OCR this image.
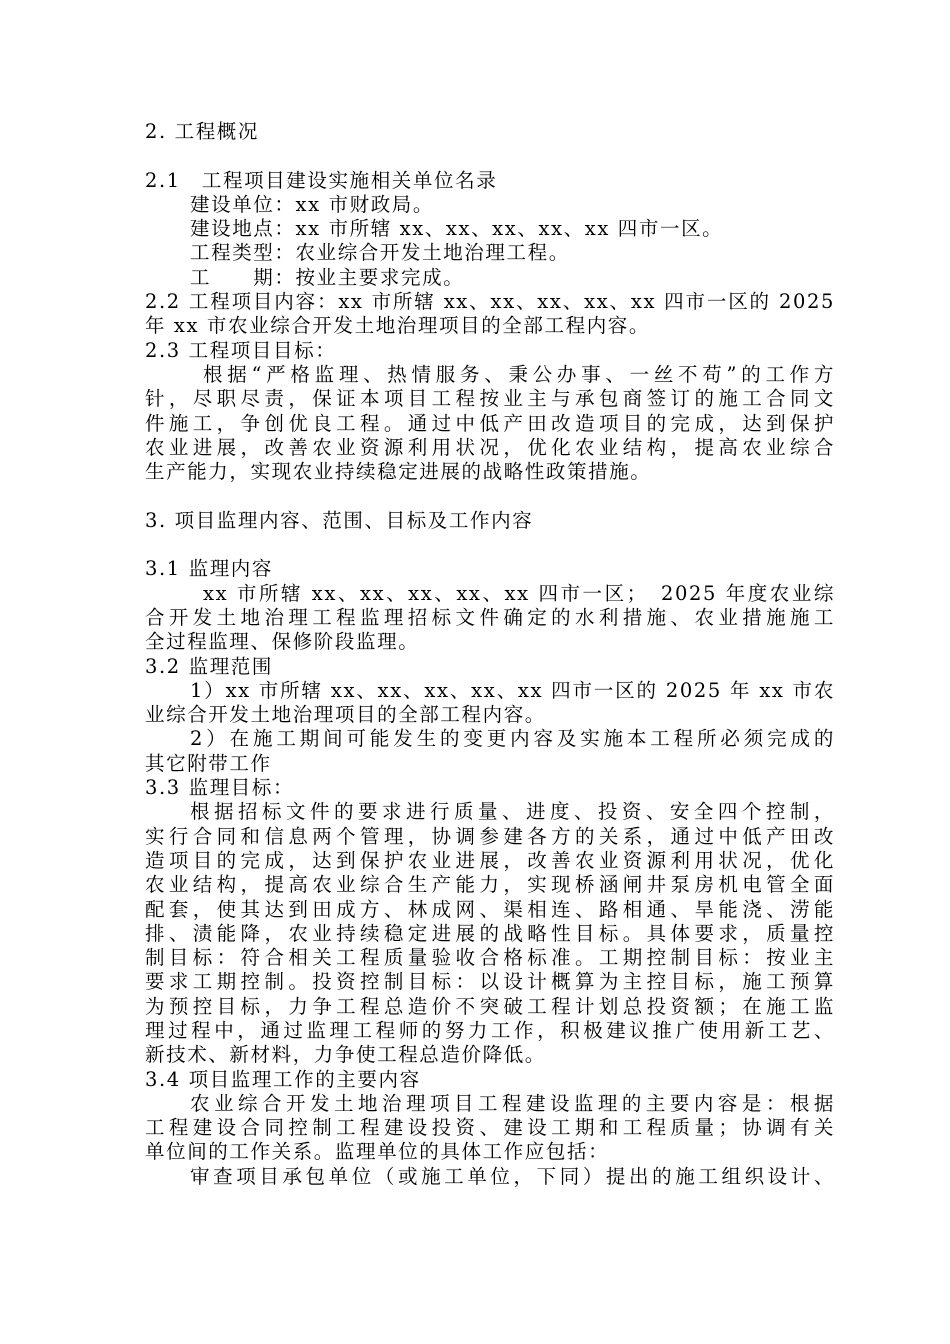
2. 工程概况
2.1　工程项目建设实施相关单位名录
建设单位：xx 市财政局。
建设地点：xx 市所辖 xx、xx、xx、xx、xx 四市一区。
工程类型：农业综合开发土地治理工程。
工　　期：按业主要求完成。
2.2 工程项目内容：xx 市所辖 xx、xx、xx、xx、xx 四市一区的 2025
年 xx 市农业综合开发土地治理项目的全部工程内容。
2.3 工程项目目标：
根据“严格监理、热情服务、秉公办事、一丝不苟”的工作方
针，尽职尽责，保证本项目工程按业主与承包商签订的施工合同文
件施工，争创优良工程。通过中低产田改造项目的完成，达到保护
农业进展，改善农业资源利用状况，优化农业结构，提高农业综合
生产能力，实现农业持续稳定进展的战略性政策措施。
3. 项目监理内容、范围、目标及工作内容
3.1 监理内容
xx 市所辖 xx、xx、xx、xx、xx 四市一区；　2025 年度农业综
合开发土地治理工程监理招标文件确定的水利措施、农业措施施工
全过程监理、保修阶段监理。
3.2 监理范围
1）xx 市所辖 xx、xx、xx、xx、xx 四市一区的 2025 年 xx 市农
业综合开发土地治理项目的全部工程内容。
2）在施工期间可能发生的变更内容及实施本工程所必须完成的
其它附带工作
3.3 监理目标：
根据招标文件的要求进行质量、进度、投资、安全四个控制，
实行合同和信息两个管理，协调参建各方的关系，通过中低产田改
造项目的完成，达到保护农业进展，改善农业资源利用状况，优化
农业结构，提高农业综合生产能力，实现桥涵闸井泵房机电管全面
配套，使其达到田成方、林成网、渠相连、路相通、旱能浇、涝能
排、渍能降，农业持续稳定进展的战略性目标。具体要求，质量控
制目标：符合相关工程质量验收合格标准。工期控制目标：按业主
要求工期控制。投资控制目标：以设计概算为主控目标，施工预算
为预控目标，力争工程总造价不突破工程计划总投资额；在施工监
理过程中，通过监理工程师的努力工作，积极建议推广使用新工艺、
新技术、新材料，力争使工程总造价降低。
3.4 项目监理工作的主要内容
农业综合开发土地治理项目工程建设监理的主要内容是：根据
工程建设合同控制工程建设投资、建设工期和工程质量；协调有关
单位间的工作关系。监理单位的具体工作应包括：
审查项目承包单位（或施工单位，下同）提出的施工组织设计、
